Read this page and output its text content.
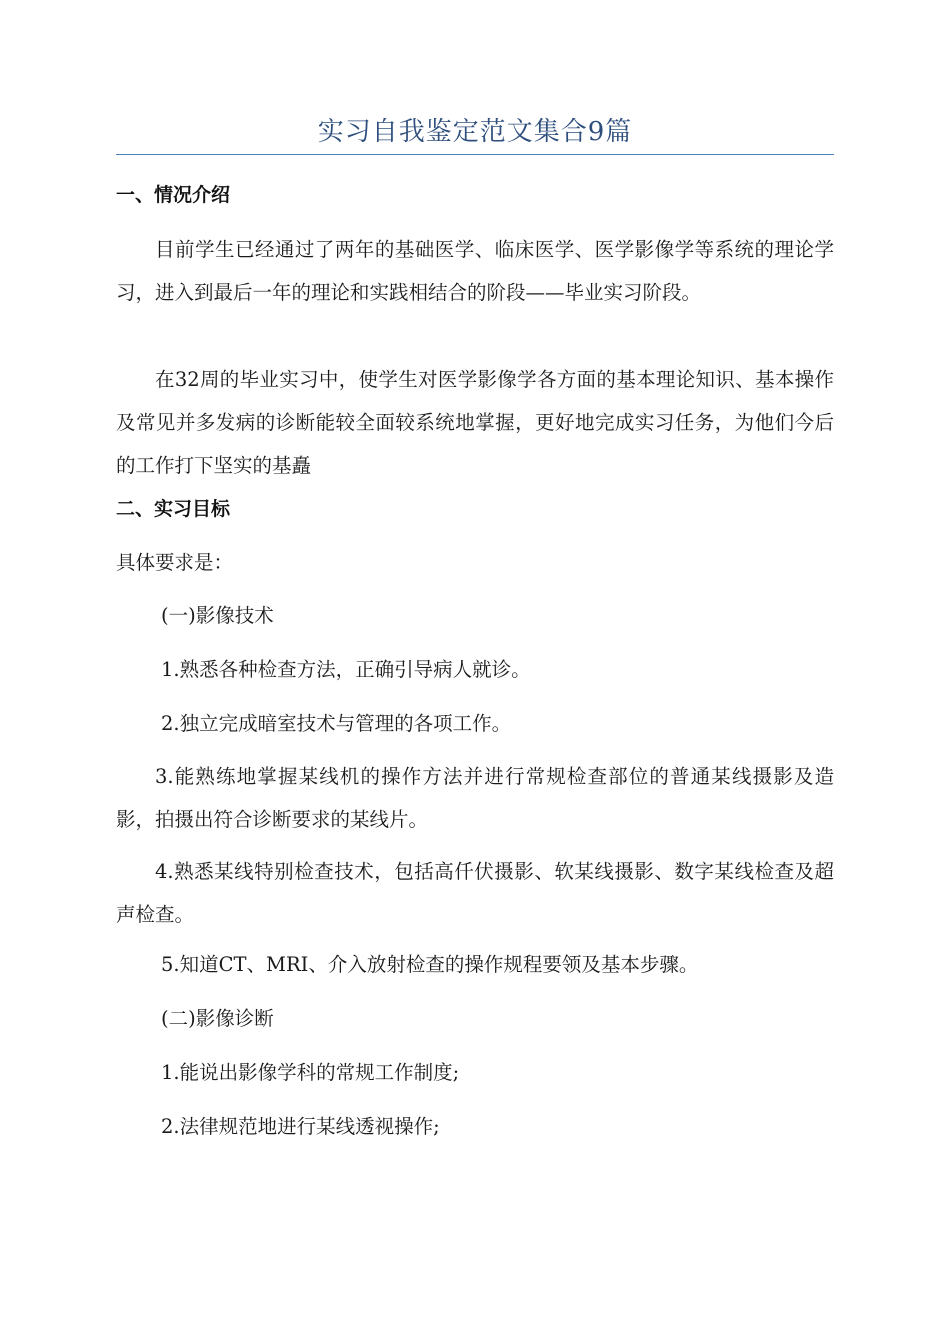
实习自我鉴定范文集合9篇
一、情况介绍

目前学生已经通过了两年的基础医学、临床医学、医学影像学等系统的理论学习，进入到最后一年的理论和实践相结合的阶段——毕业实习阶段。

在32周的毕业实习中，使学生对医学影像学各方面的基本理论知识、基本操作及常见并多发病的诊断能较全面较系统地掌握，更好地完成实习任务，为他们今后的工作打下坚实的基矗

二、实习目标
具体要求是：
(一)影像技术
1.熟悉各种检查方法，正确引导病人就诊。
2.独立完成暗室技术与管理的各项工作。

3.能熟练地掌握某线机的操作方法并进行常规检查部位的普通某线摄影及造影，拍摄出符合诊断要求的某线片。

4.熟悉某线特别检查技术，包括高仟伏摄影、软某线摄影、数字某线检查及超声检查。

5.知道CT、MRI、介入放射检查的操作规程要领及基本步骤。
(二)影像诊断
1.能说出影像学科的常规工作制度;
2.法律规范地进行某线透视操作;
